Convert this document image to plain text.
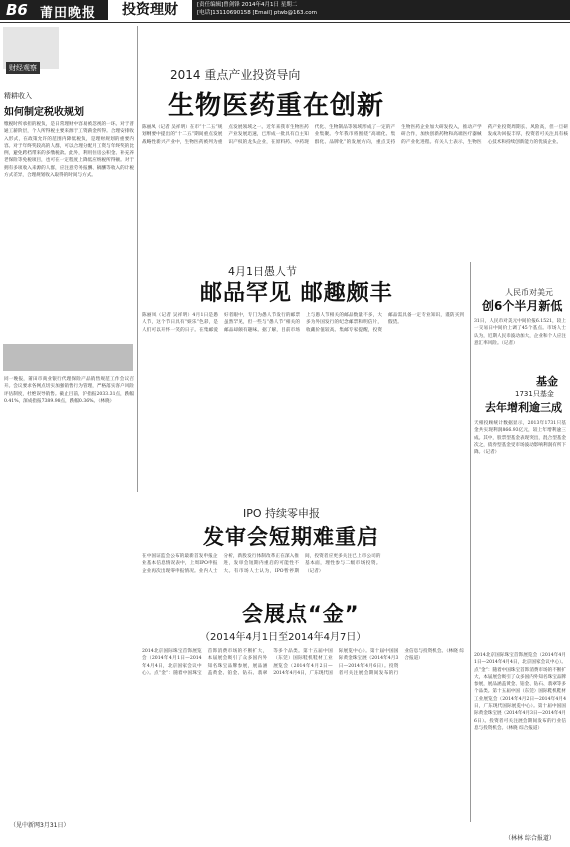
B6 莆田晚报	投资理财	[责任编辑]曾剑锋 2014年4月1日 星期二
[电话]13110690158 [Email] ptwb@163.com
财经观察
精耕收入
如何制定税收规划
缴税时所承担的税负，是日常理财中容易被忽视的一环。对于普通工薪阶层，个人所得税主要来源于工资薪金所得。合理安排收入形式，在政策允许的范围内降低税负，是理财规划的重要内容。对于年终奖较高的人群，可以合理分配月工资与年终奖的比例，避免跨档带来的多缴税款。此外，利用住房公积金、补充养老保险等免税项目，也可在一定程度上降低应纳税所得额。对于拥有多项收入来源的人群，应注意劳务报酬、稿酬等收入的计税方式差异，合理规划收入取得的时间与方式。
同一晚报，莆田市商业银行代理保险产品销售规范工作会议召开。会议要求各网点切实加强销售行为管理，严格落实客户风险评估制度，杜绝误导销售。截止目前，沪指报2033.31点，跌幅0.41%，深成指报7389.98点，跌幅0.36%。（林晓）
2014 重点产业投资导向
生物医药重在创新
陈丽凤（记者 吴祥明）在市“十二五”规划纲要中提出的“十二五”期间重点发展战略性新兴产业中，生物医药被列为重点发展领域之一。近年来我市生物医药产业发展迅速，已形成一批具有自主知识产权的龙头企业，在原料药、中药现代化、生物制品等领域形成了一定的产业集聚。今年我市将围绕“高端化、集群化、品牌化”的发展方向，重点支持生物医药企业加大研发投入，推动产学研合作，加快创新药物和高端医疗器械的产业化进程。有关人士表示，生物医药产业投资周期长、风险高，但一旦研发成功回报丰厚，投资者可关注具有核心技术和持续创新能力的优质企业。
4月1日愚人节
邮品罕见 邮趣颇丰
陈丽凤（记者 吴祥明）4月1日是愚人节，这个节日具有“娱乐”色彩，是人们可以开怀一笑的日子。在集邮爱好者眼中，专门为愚人节发行的邮票虽然罕见，但一些与“愚人节”相关的邮品却颇有趣味。据了解，目前市场上与愚人节相关的邮品数量不多，大多为外国发行的纪念邮票和明信片，收藏价值较高。集邮专家提醒，投资邮品需具备一定专业知识，谨防买到假货。
人民币对美元
创6个半月新低
31日，人民币对美元中间价报6.1521，较上一交易日中间价上调了45个基点。市场人士认为，近期人民币波动加大，企业和个人应注意汇率风险。（记者）
基金
1731只基金
去年增利逾三成
天相投顾统计数据显示，2013年1731只基金共实现利润866.93亿元，较上年增利逾三成。其中，股票型基金表现突出，混合型基金次之，债券型基金受市场波动影响利润有所下降。（记者）
IPO 持续零申报
发审会短期难重启
在中国证监会公布的最新首发申报企业基本信息情况表中，上周IPO申报企业再次出现零申报情况。业内人士分析，新股发行体制改革正在深入推进，发审会短期内重启的可能性不大。有市场人士认为，IPO暂停期间，投资者应更多关注已上市公司的基本面，理性参与二级市场投资。（记者）
会展点“金”
（2014年4月1日至2014年4月7日）
2014北京国际珠宝首饰展览会（2014年4月1日—2014年4月4日，北京国家会议中心）。点“金”：随着中国珠宝首饰消费市场的不断扩大，本届展会吸引了众多国内外知名珠宝品牌参展，展品涵盖黄金、铂金、钻石、翡翠等多个品类。第十五届中国（东莞）国际鞋机鞋材工业展览会（2014年4月2日—2014年4月4日，广东现代国际展览中心）。第十届中国国际黄金珠宝展（2014年4月3日—2014年4月6日）。投资者可关注展会期间发布的行业信息与投资机会。（林晓 综合报道）
2014北京国际珠宝首饰展览会（2014年4月1日—2014年4月4日，北京国家会议中心）。点“金”：随着中国珠宝首饰消费市场的不断扩大，本届展会吸引了众多国内外知名珠宝品牌参展，展品涵盖黄金、铂金、钻石、翡翠等多个品类。第十五届中国（东莞）国际鞋机鞋材工业展览会（2014年4月2日—2014年4月4日，广东现代国际展览中心）。第十届中国国际黄金珠宝展（2014年4月3日—2014年4月6日）。投资者可关注展会期间发布的行业信息与投资机会。（林晓 综合报道）
（见中新网3月31日）
（林林 综合报道）
